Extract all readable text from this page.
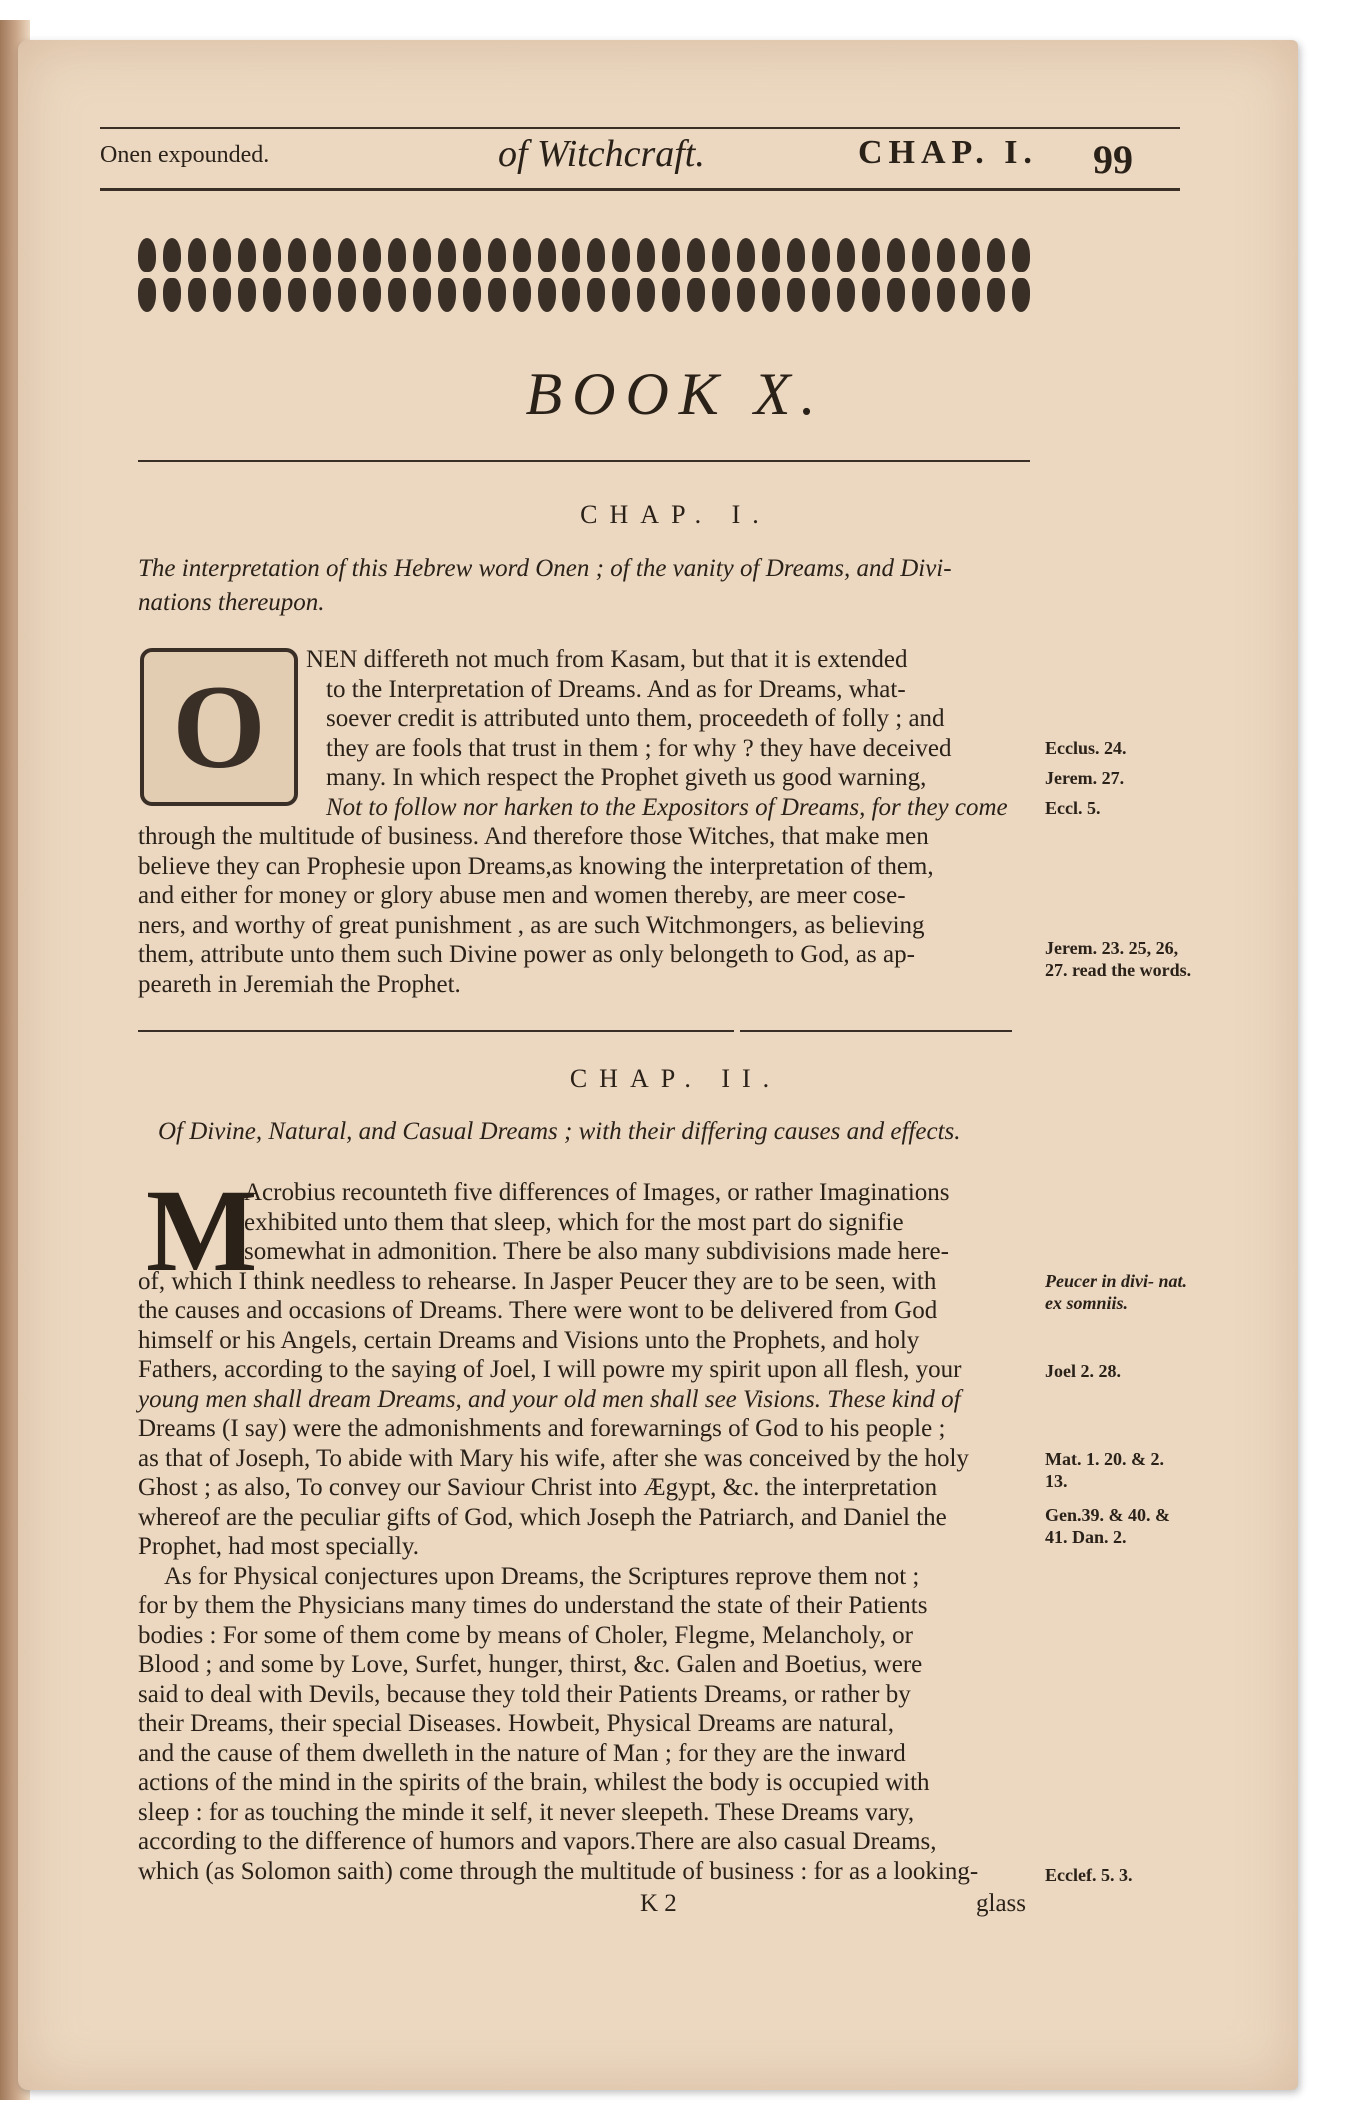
Onen expounded.	of Witchcraft.	CHAP. I. 99
BOOK X.
CHAP. I.
The interpretation of this Hebrew word Onen ; of the vanity of Dreams, and Divi- nations thereupon.
O

NEN differeth not much from Kasam, but that it is extended

to the Interpretation of Dreams. And as for Dreams, what-

soever credit is attributed unto them, proceedeth of folly ; and

they are fools that trust in them ; for why ? they have deceived

many. In which respect the Prophet giveth us good warning,

Not to follow nor harken to the Expositors of Dreams, for they come

through the multitude of business. And therefore those Witches, that make men

believe they can Prophesie upon Dreams,as knowing the interpretation of them,

and either for money or glory abuse men and women thereby, are meer cose-

ners, and worthy of great punishment , as are such Witchmongers, as believing

them, attribute unto them such Divine power as only belongeth to God, as ap-

peareth in Jeremiah the Prophet.

Ecclus. 24.
Jerem. 27.
Eccl. 5.
Jerem. 23. 25, 26, 27. read the words.
CHAP. II.
Of Divine, Natural, and Casual Dreams ; with their differing causes and effects.
M

Acrobius recounteth five differences of Images, or rather Imaginations

exhibited unto them that sleep, which for the most part do signifie

somewhat in admonition. There be also many subdivisions made here-

of, which I think needless to rehearse. In Jasper Peucer they are to be seen, with

the causes and occasions of Dreams. There were wont to be delivered from God

himself or his Angels, certain Dreams and Visions unto the Prophets, and holy

Fathers, according to the saying of Joel, I will powre my spirit upon all flesh, your

young men shall dream Dreams, and your old men shall see Visions. These kind of

Dreams (I say) were the admonishments and forewarnings of God to his people ;

as that of Joseph, To abide with Mary his wife, after she was conceived by the holy

Ghost ; as also, To convey our Saviour Christ into Ægypt, &c. the interpretation

whereof are the peculiar gifts of God, which Joseph the Patriarch, and Daniel the

Prophet, had most specially.

As for Physical conjectures upon Dreams, the Scriptures reprove them not ;

for by them the Physicians many times do understand the state of their Patients

bodies : For some of them come by means of Choler, Flegme, Melancholy, or

Blood ; and some by Love, Surfet, hunger, thirst, &c. Galen and Boetius, were

said to deal with Devils, because they told their Patients Dreams, or rather by

their Dreams, their special Diseases. Howbeit, Physical Dreams are natural,

and the cause of them dwelleth in the nature of Man ; for they are the inward

actions of the mind in the spirits of the brain, whilest the body is occupied with

sleep : for as touching the minde it self, it never sleepeth. These Dreams vary,

according to the difference of humors and vapors.There are also casual Dreams,

which (as Solomon saith) come through the multitude of business : for as a looking-

Peucer in divi- nat. ex somniis.
Joel 2. 28.
Mat. 1. 20. & 2. 13.
Gen.39. & 40. & 41. Dan. 2.
Ecclef. 5. 3.
K 2	glass
